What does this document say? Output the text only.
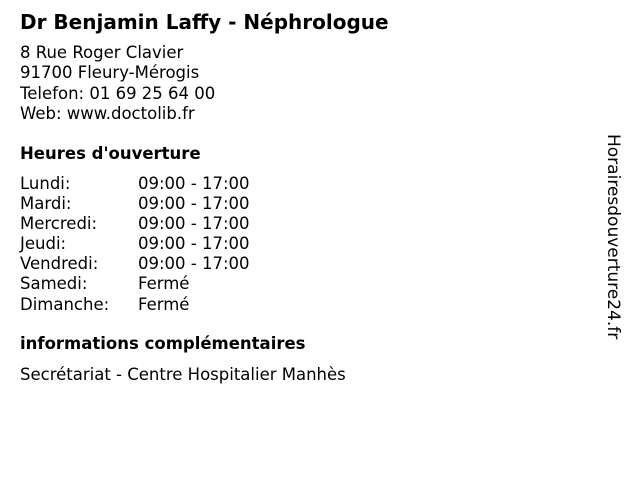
Dr Benjamin Laffy - Néphrologue
8 Rue Roger Clavier
91700 Fleury-Mérogis
Telefon: 01 69 25 64 00
Web: www.doctolib.fr
Heures d'ouverture
Lundi:	09:00 - 17:00
Mardi:	09:00 - 17:00
Mercredi: 09:00 - 17:00
Jeudi:	09:00 - 17:00
Vendredi: 09:00 - 17:00
Samedi:	Fermé
Dimanche: Fermé
informations complémentaires
Secrétariat - Centre Hospitalier Manhès
Horairesdouverture24.fr
